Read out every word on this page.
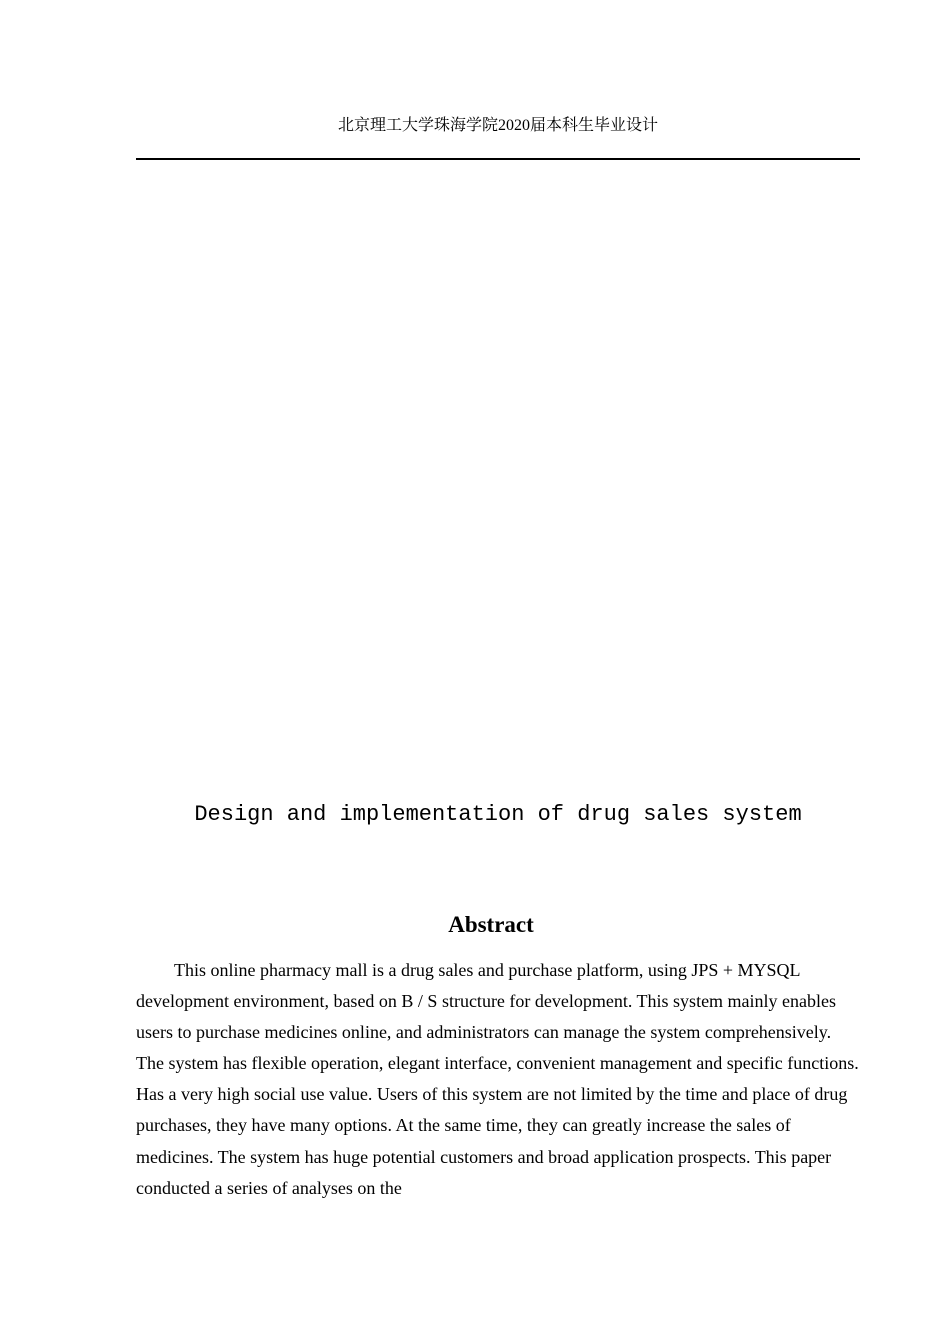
北京理工大学珠海学院2020届本科生毕业设计
Design and implementation of drug sales system
Abstract

This online pharmacy mall is a drug sales and purchase platform, using JPS + MYSQL development environment, based on B / S structure for development. This system mainly enables users to purchase medicines online, and administrators can manage the system comprehensively. The system has flexible operation, elegant interface, convenient management and specific functions. Has a very high social use value. Users of this system are not limited by the time and place of drug purchases, they have many options. At the same time, they can greatly increase the sales of medicines. The system has huge potential customers and broad application prospects. This paper conducted a series of analyses on the
